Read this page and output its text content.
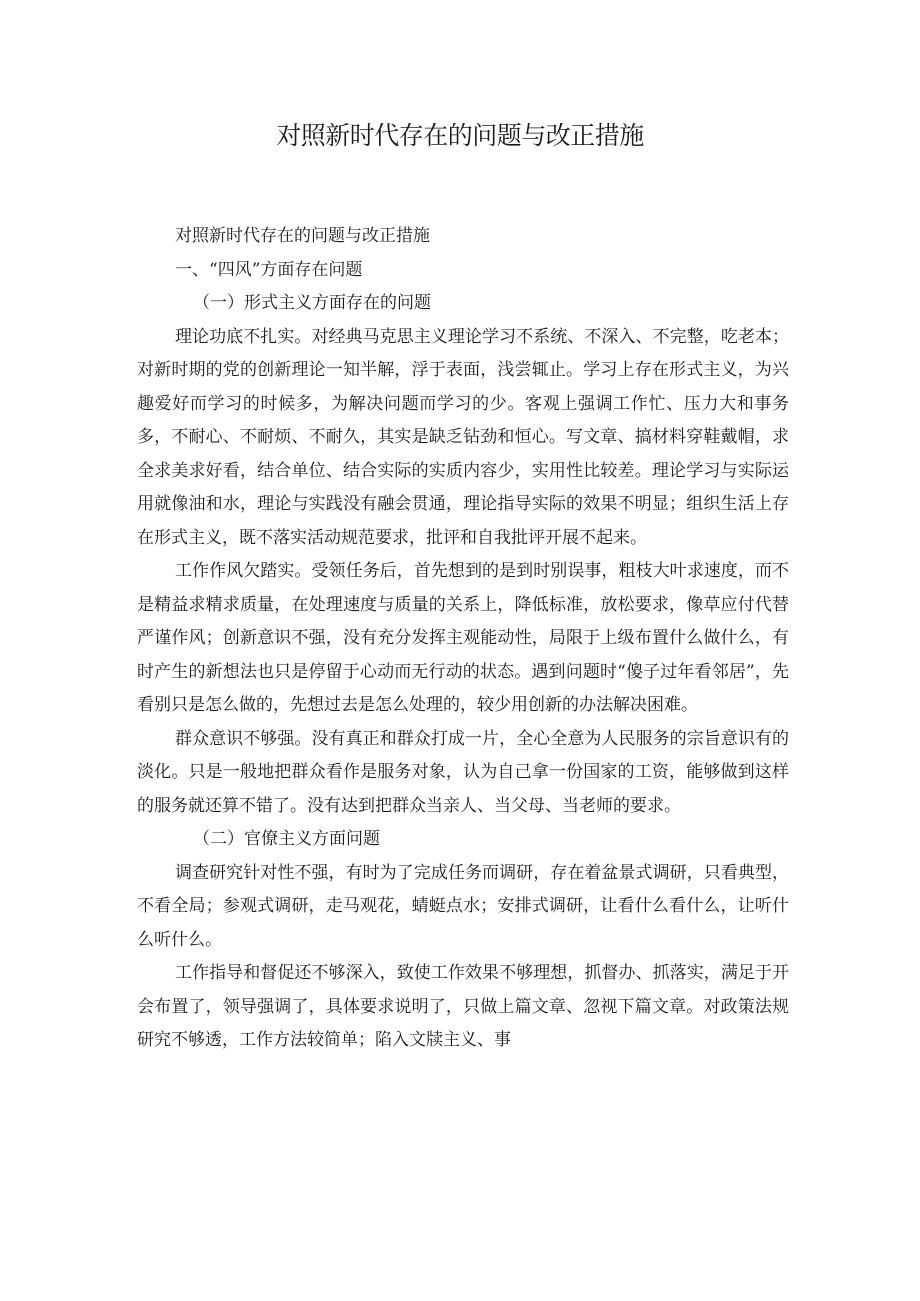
对照新时代存在的问题与改正措施

对照新时代存在的问题与改正措施

一、“四风”方面存在问题

（一）形式主义方面存在的问题

理论功底不扎实。对经典马克思主义理论学习不系统、不深入、不完整，吃老本；对新时期的党的创新理论一知半解，浮于表面，浅尝辄止。学习上存在形式主义，为兴趣爱好而学习的时候多，为解决问题而学习的少。客观上强调工作忙、压力大和事务多，不耐心、不耐烦、不耐久，其实是缺乏钻劲和恒心。写文章、搞材料穿鞋戴帽，求全求美求好看，结合单位、结合实际的实质内容少，实用性比较差。理论学习与实际运用就像油和水，理论与实践没有融会贯通，理论指导实际的效果不明显；组织生活上存在形式主义，既不落实活动规范要求，批评和自我批评开展不起来。

工作作风欠踏实。受领任务后，首先想到的是到时别误事，粗枝大叶求速度，而不是精益求精求质量，在处理速度与质量的关系上，降低标准，放松要求，像草应付代替严谨作风；创新意识不强，没有充分发挥主观能动性，局限于上级布置什么做什么，有时产生的新想法也只是停留于心动而无行动的状态。遇到问题时“傻子过年看邻居”，先看别只是怎么做的，先想过去是怎么处理的，较少用创新的办法解决困难。

群众意识不够强。没有真正和群众打成一片，全心全意为人民服务的宗旨意识有的淡化。只是一般地把群众看作是服务对象，认为自己拿一份国家的工资，能够做到这样的服务就还算不错了。没有达到把群众当亲人、当父母、当老师的要求。

（二）官僚主义方面问题

调查研究针对性不强，有时为了完成任务而调研，存在着盆景式调研，只看典型，不看全局；参观式调研，走马观花，蜻蜓点水；安排式调研，让看什么看什么，让听什么听什么。

工作指导和督促还不够深入，致使工作效果不够理想，抓督办、抓落实，满足于开会布置了，领导强调了，具体要求说明了，只做上篇文章、忽视下篇文章。对政策法规研究不够透，工作方法较简单；陷入文牍主义、事
